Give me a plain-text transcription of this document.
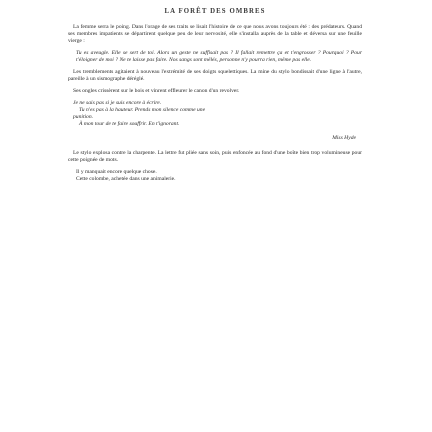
LA FORÊT DES OMBRES

La femme serra le poing. Dans l'orage de ses traits se lisait l'histoire de ce que nous avons toujours été : des prédateurs. Quand ses membres impatients se départirent quelque peu de leur nervosité, elle s'installa auprès de la table et déversa sur une feuille vierge :

Tu es aveugle. Elle se sert de toi. Alors un geste ne suffisait pas ? Il fallait remettre ça et t'engrosser ? Pourquoi ? Pour t'éloigner de moi ? Ne te laisse pas faire. Nos sangs sont mêlés, personne n'y pourra rien, même pas elle.

Les tremblements agitaient à nouveau l'extrémité de ses doigts squelettiques. La mine du stylo bondissait d'une ligne à l'autre, pareille à un sismographe déréglé.

Ses ongles crissèrent sur le bois et vinrent effleurer le canon d'un revolver.

Je ne sais pas si je suis encore à écrire.
Tu n'es pas à la hauteur. Prends mon silence comme une
punition.
À mon tour de te faire souffrir. En t'ignorant.
Miss Hyde

Le stylo explosa contre la charpente. La lettre fut pliée sans soin, puis enfoncée au fond d'une boîte bien trop volumineuse pour cette poignée de mots.

Il y manquait encore quelque chose.
Cette colombe, achetée dans une animalerie.
